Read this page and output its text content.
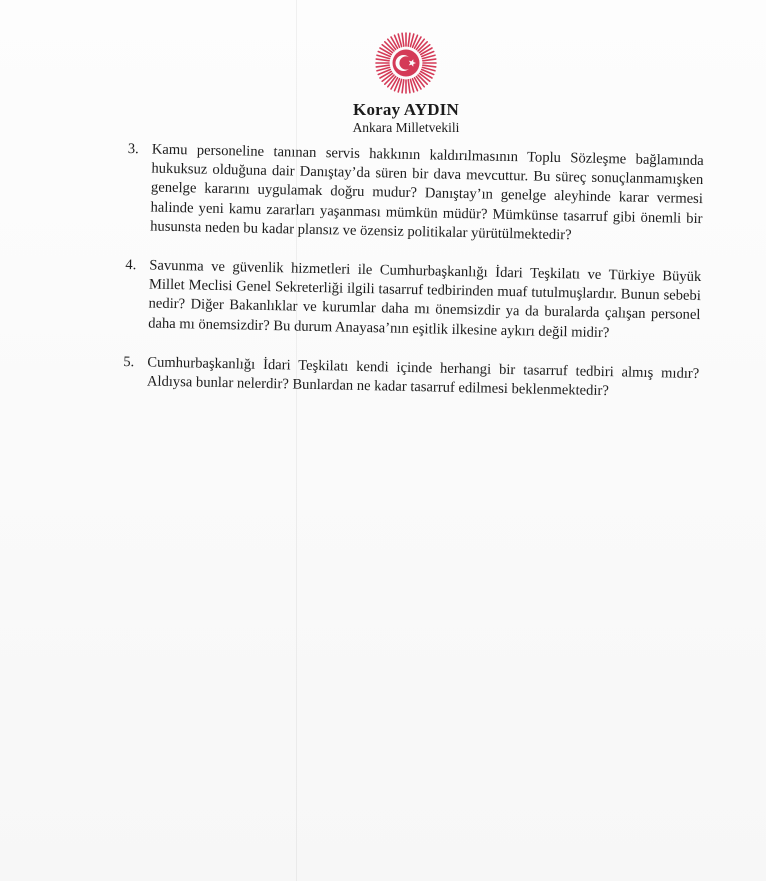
Koray AYDIN
Ankara Milletvekili
3. Kamu personeline tanınan servis hakkının kaldırılmasının Toplu Sözleşme bağlamında hukuksuz olduğuna dair Danıştay’da süren bir dava mevcuttur. Bu süreç sonuçlanmamışken genelge kararını uygulamak doğru mudur? Danıştay’ın genelge aleyhinde karar vermesi halinde yeni kamu zararları yaşanması mümkün müdür? Mümkünse tasarruf gibi önemli bir husunsta neden bu kadar plansız ve özensiz politikalar yürütülmektedir?
4. Savunma ve güvenlik hizmetleri ile Cumhurbaşkanlığı İdari Teşkilatı ve Türkiye Büyük Millet Meclisi Genel Sekreterliği ilgili tasarruf tedbirinden muaf tutulmuşlardır. Bunun sebebi nedir? Diğer Bakanlıklar ve kurumlar daha mı önemsizdir ya da buralarda çalışan personel daha mı önemsizdir? Bu durum Anayasa’nın eşitlik ilkesine aykırı değil midir?
5. Cumhurbaşkanlığı İdari Teşkilatı kendi içinde herhangi bir tasarruf tedbiri almış mıdır? Aldıysa bunlar nelerdir? Bunlardan ne kadar tasarruf edilmesi beklenmektedir?
